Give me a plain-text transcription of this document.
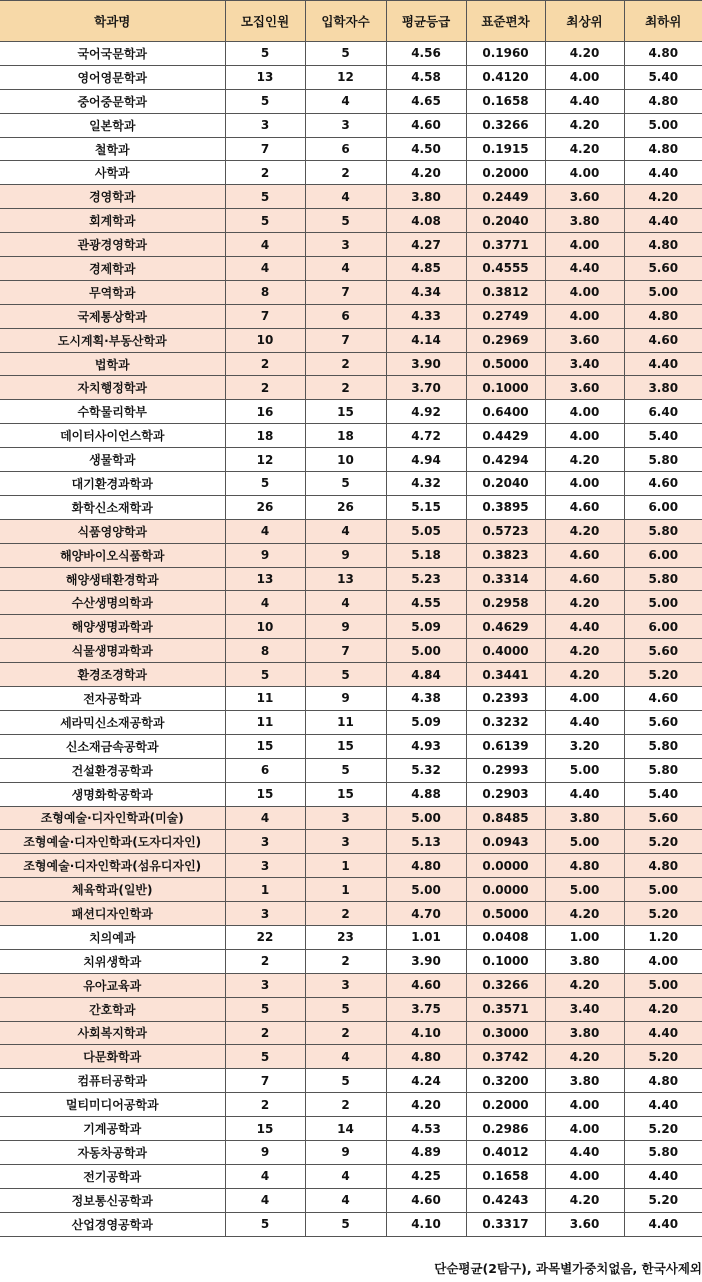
학과명	모집인원	입학자수	평균등급	표준편차	최상위	최하위
국어국문학과	5	5	4.56	0.1960	4.20	4.80
영어영문학과	13	12	4.58	0.4120	4.00	5.40
중어중문학과	5	4	4.65	0.1658	4.40	4.80
일본학과	3	3	4.60	0.3266	4.20	5.00
철학과	7	6	4.50	0.1915	4.20	4.80
사학과	2	2	4.20	0.2000	4.00	4.40
경영학과	5	4	3.80	0.2449	3.60	4.20
회계학과	5	5	4.08	0.2040	3.80	4.40
관광경영학과	4	3	4.27	0.3771	4.00	4.80
경제학과	4	4	4.85	0.4555	4.40	5.60
무역학과	8	7	4.34	0.3812	4.00	5.00
국제통상학과	7	6	4.33	0.2749	4.00	4.80
도시계획·부동산학과	10	7	4.14	0.2969	3.60	4.60
법학과	2	2	3.90	0.5000	3.40	4.40
자치행정학과	2	2	3.70	0.1000	3.60	3.80
수학물리학부	16	15	4.92	0.6400	4.00	6.40
데이터사이언스학과	18	18	4.72	0.4429	4.00	5.40
생물학과	12	10	4.94	0.4294	4.20	5.80
대기환경과학과	5	5	4.32	0.2040	4.00	4.60
화학신소재학과	26	26	5.15	0.3895	4.60	6.00
식품영양학과	4	4	5.05	0.5723	4.20	5.80
해양바이오식품학과	9	9	5.18	0.3823	4.60	6.00
해양생태환경학과	13	13	5.23	0.3314	4.60	5.80
수산생명의학과	4	4	4.55	0.2958	4.20	5.00
해양생명과학과	10	9	5.09	0.4629	4.40	6.00
식물생명과학과	8	7	5.00	0.4000	4.20	5.60
환경조경학과	5	5	4.84	0.3441	4.20	5.20
전자공학과	11	9	4.38	0.2393	4.00	4.60
세라믹신소재공학과	11	11	5.09	0.3232	4.40	5.60
신소재금속공학과	15	15	4.93	0.6139	3.20	5.80
건설환경공학과	6	5	5.32	0.2993	5.00	5.80
생명화학공학과	15	15	4.88	0.2903	4.40	5.40
조형예술·디자인학과(미술)	4	3	5.00	0.8485	3.80	5.60
조형예술·디자인학과(도자디자인)	3	3	5.13	0.0943	5.00	5.20
조형예술·디자인학과(섬유디자인)	3	1	4.80	0.0000	4.80	4.80
체육학과(일반)	1	1	5.00	0.0000	5.00	5.00
패션디자인학과	3	2	4.70	0.5000	4.20	5.20
치의예과	22	23	1.01	0.0408	1.00	1.20
치위생학과	2	2	3.90	0.1000	3.80	4.00
유아교육과	3	3	4.60	0.3266	4.20	5.00
간호학과	5	5	3.75	0.3571	3.40	4.20
사회복지학과	2	2	4.10	0.3000	3.80	4.40
다문화학과	5	4	4.80	0.3742	4.20	5.20
컴퓨터공학과	7	5	4.24	0.3200	3.80	4.80
멀티미디어공학과	2	2	4.20	0.2000	4.00	4.40
기계공학과	15	14	4.53	0.2986	4.00	5.20
자동차공학과	9	9	4.89	0.4012	4.40	5.80
전기공학과	4	4	4.25	0.1658	4.00	4.40
정보통신공학과	4	4	4.60	0.4243	4.20	5.20
산업경영공학과	5	5	4.10	0.3317	3.60	4.40
단순평균(2탐구), 과목별가중치없음, 한국사제외
